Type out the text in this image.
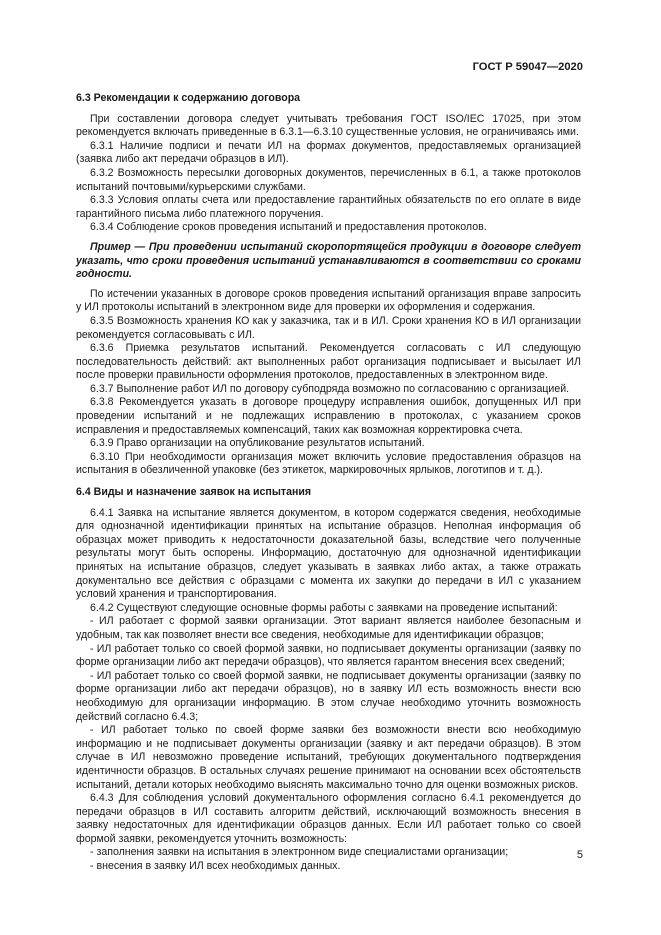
ГОСТ Р 59047—2020
6.3 Рекомендации к содержанию договора

При составлении договора следует учитывать требования ГОСТ ISO/IEC 17025, при этом рекомендуется включать приведенные в 6.3.1—6.3.10 существенные условия, не ограничиваясь ими.

6.3.1 Наличие подписи и печати ИЛ на формах документов, предоставляемых организацией (заявка либо акт передачи образцов в ИЛ).

6.3.2 Возможность пересылки договорных документов, перечисленных в 6.1, а также протоколов испытаний почтовыми/курьерскими службами.

6.3.3 Условия оплаты счета или предоставление гарантийных обязательств по его оплате в виде гарантийного письма либо платежного поручения.

6.3.4 Соблюдение сроков проведения испытаний и предоставления протоколов.

Пример — При проведении испытаний скоропортящейся продукции в договоре следует указать, что сроки проведения испытаний устанавливаются в соответствии со сроками годности.

По истечении указанных в договоре сроков проведения испытаний организация вправе запросить у ИЛ протоколы испытаний в электронном виде для проверки их оформления и содержания.

6.3.5 Возможность хранения КО как у заказчика, так и в ИЛ. Сроки хранения КО в ИЛ организации рекомендуется согласовывать с ИЛ.

6.3.6 Приемка результатов испытаний. Рекомендуется согласовать с ИЛ следующую последовательность действий: акт выполненных работ организация подписывает и высылает ИЛ после проверки правильности оформления протоколов, предоставленных в электронном виде.

6.3.7 Выполнение работ ИЛ по договору субподряда возможно по согласованию с организацией.

6.3.8 Рекомендуется указать в договоре процедуру исправления ошибок, допущенных ИЛ при проведении испытаний и не подлежащих исправлению в протоколах, с указанием сроков исправления и предоставляемых компенсаций, таких как возможная корректировка счета.

6.3.9 Право организации на опубликование результатов испытаний.

6.3.10 При необходимости организация может включить условие предоставления образцов на испытания в обезличенной упаковке (без этикеток, маркировочных ярлыков, логотипов и т. д.).

6.4 Виды и назначение заявок на испытания

6.4.1 Заявка на испытание является документом, в котором содержатся сведения, необходимые для однозначной идентификации принятых на испытание образцов. Неполная информация об образцах может приводить к недостаточности доказательной базы, вследствие чего полученные результаты могут быть оспорены. Информацию, достаточную для однозначной идентификации принятых на испытание образцов, следует указывать в заявках либо актах, а также отражать документально все действия с образцами с момента их закупки до передачи в ИЛ с указанием условий хранения и транспортирования.

6.4.2 Существуют следующие основные формы работы с заявками на проведение испытаний:

- ИЛ работает с формой заявки организации. Этот вариант является наиболее безопасным и удобным, так как позволяет внести все сведения, необходимые для идентификации образцов;

- ИЛ работает только со своей формой заявки, но подписывает документы организации (заявку по форме организации либо акт передачи образцов), что является гарантом внесения всех сведений;

- ИЛ работает только со своей формой заявки, не подписывает документы организации (заявку по форме организации либо акт передачи образцов), но в заявку ИЛ есть возможность внести всю необходимую для организации информацию. В этом случае необходимо уточнить возможность действий согласно 6.4.3;

- ИЛ работает только по своей форме заявки без возможности внести всю необходимую информацию и не подписывает документы организации (заявку и акт передачи образцов). В этом случае в ИЛ невозможно проведение испытаний, требующих документального подтверждения идентичности образцов. В остальных случаях решение принимают на основании всех обстоятельств испытаний, детали которых необходимо выяснять максимально точно для оценки возможных рисков.

6.4.3 Для соблюдения условий документального оформления согласно 6.4.1 рекомендуется до передачи образцов в ИЛ составить алгоритм действий, исключающий возможность внесения в заявку недостаточных для идентификации образцов данных. Если ИЛ работает только со своей формой заявки, рекомендуется уточнить возможность:

- заполнения заявки на испытания в электронном виде специалистами организации;

- внесения в заявку ИЛ всех необходимых данных.

5
